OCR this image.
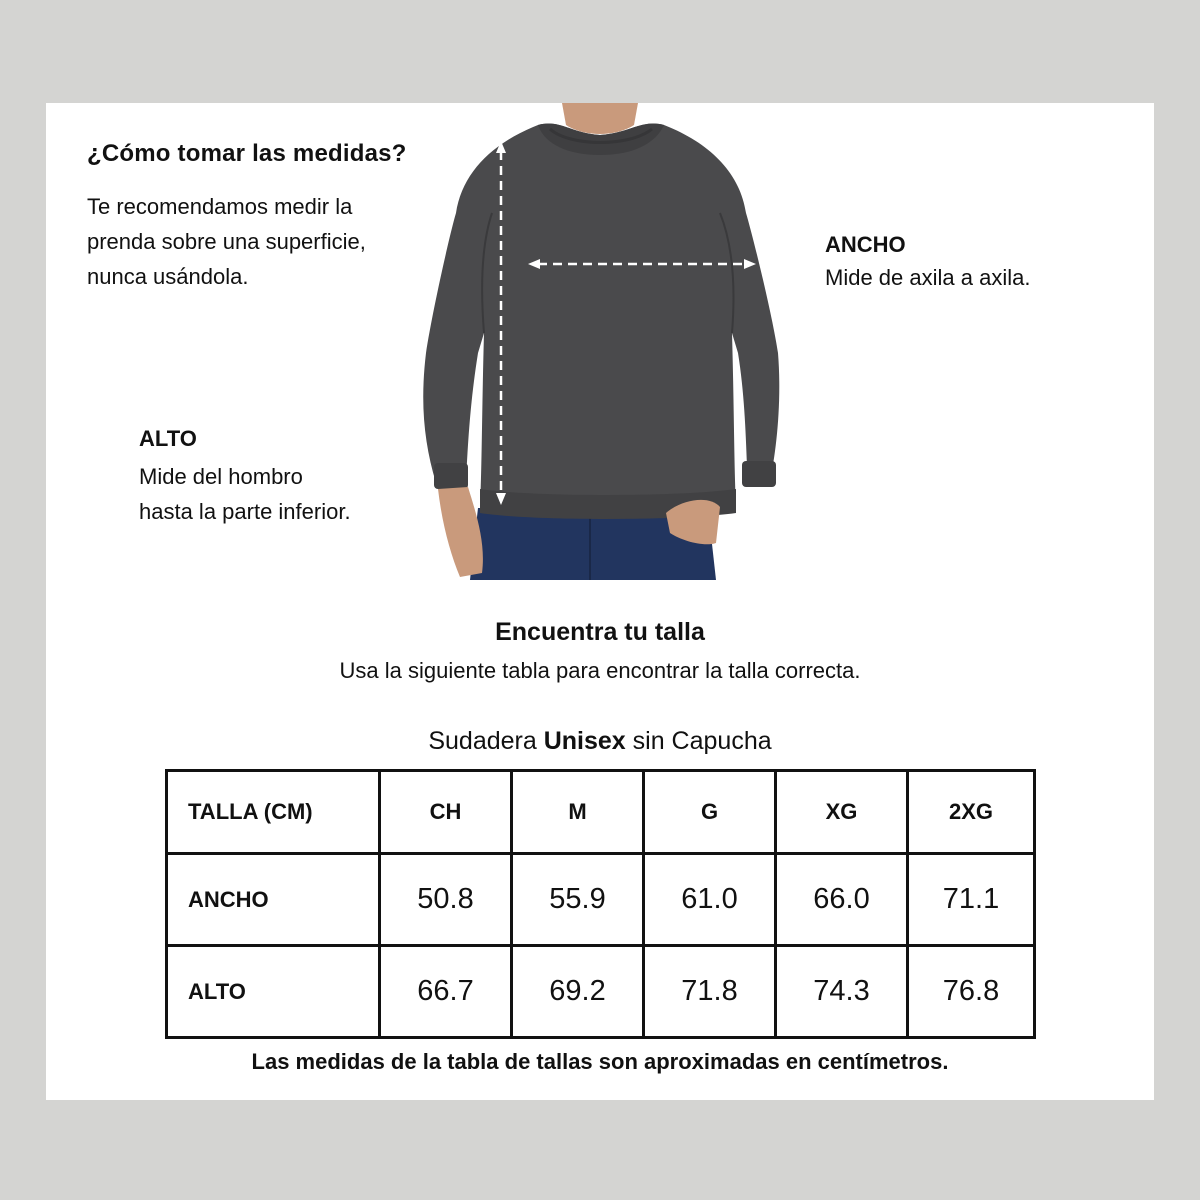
¿Cómo tomar las medidas?
Te recomendamos medir la
prenda sobre una superficie,
nunca usándola.
ANCHO
Mide de axila a axila.
ALTO
Mide del hombro
hasta la parte inferior.
Encuentra tu talla
Usa la siguiente tabla para encontrar la talla correcta.
Sudadera Unisex sin Capucha
TALLA (CM)	CH	M	G	XG	2XG
ANCHO	50.8	55.9	61.0	66.0	71.1
ALTO	66.7	69.2	71.8	74.3	76.8
Las medidas de la tabla de tallas son aproximadas en centímetros.
